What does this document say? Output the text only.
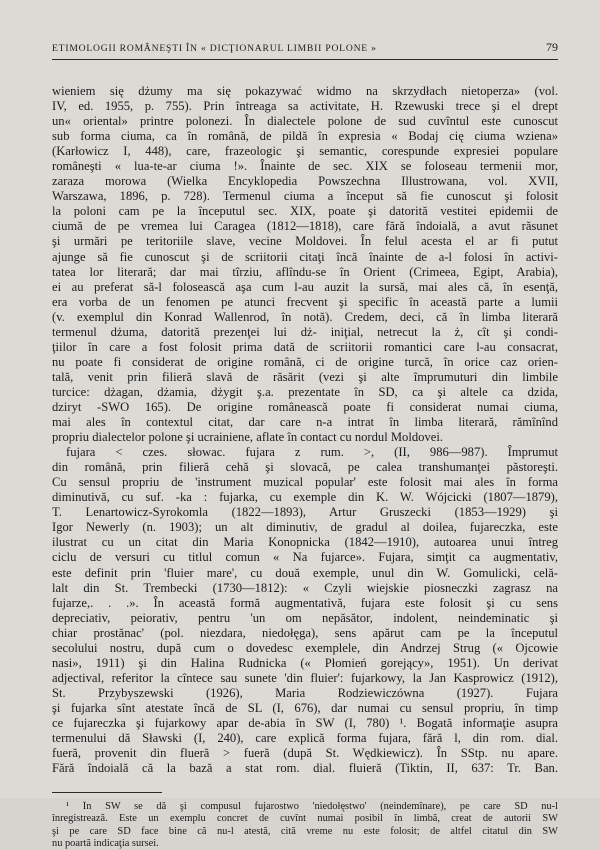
ETIMOLOGII ROMÂNEŞTI ÎN « DICŢIONARUL LIMBII POLONE »	79
wieniem się dżumy ma się pokazywać widmo na skrzydłach nietoperza» (vol.
IV, ed. 1955, p. 755). Prin întreaga sa activitate, H. Rzewuski trece şi el drept
un« oriental» printre polonezi. În dialectele polone de sud cuvîntul este cunoscut
sub forma ciuma, ca în română, de pildă în expresia « Bodaj cię ciuma wziena»
(Karłowicz I, 448), care, frazeologic şi semantic, corespunde expresiei populare
româneşti « lua-te-ar ciuma !». Înainte de sec. XIX se foloseau termenii mor,
zaraza morowa (Wielka Encyklopedia Powszechna Illustrowana, vol. XVII,
Warszawa, 1896, p. 728). Termenul ciuma a început să fie cunoscut şi folosit
la poloni cam pe la începutul sec. XIX, poate şi datorită vestitei epidemii de
ciumă de pe vremea lui Caragea (1812—1818), care fără îndoială, a avut răsunet
şi urmări pe teritoriile slave, vecine Moldovei. În felul acesta el ar fi putut
ajunge să fie cunoscut şi de scriitorii citaţi încă înainte de a-l folosi în activi-
tatea lor literară; dar mai tîrziu, aflîndu-se în Orient (Crimeea, Egipt, Arabia),
ei au preferat să-l folosească aşa cum l-au auzit la sursă, mai ales că, în esenţă,
era vorba de un fenomen pe atunci frecvent şi specific în această parte a lumii
(v. exemplul din Konrad Wallenrod, în notă). Credem, deci, că în limba literară
termenul dżuma, datorită prezenţei lui dż- iniţial, netrecut la ż, cît şi condi-
ţiilor în care a fost folosit prima dată de scriitorii romantici care l-au consacrat,
nu poate fi considerat de origine română, ci de origine turcă, în orice caz orien-
tală, venit prin filieră slavă de răsărit (vezi şi alte împrumuturi din limbile
turcice: dżagan, dżamia, dżygit ş.a. prezentate în SD, ca şi altele ca dzida,
dziryt -SWO 165). De origine românească poate fi considerat numai ciuma,
mai ales în contextul citat, dar care n-a intrat în limba literară, rămînînd
propriu dialectelor polone şi ucrainiene, aflate în contact cu nordul Moldovei.
fujara < czes. słowac. fujara z rum. >, (II, 986—987). Împrumut
din română, prin filieră cehă şi slovacă, pe calea transhumanţei păstoreşti.
Cu sensul propriu de 'instrument muzical popular' este folosit mai ales în forma
diminutivă, cu suf. -ka : fujarka, cu exemple din K. W. Wójcicki (1807—1879),
T. Lenartowicz-Syrokomla (1822—1893), Artur Gruszecki (1853—1929) şi
Igor Newerly (n. 1903); un alt diminutiv, de gradul al doilea, fujareczka, este
ilustrat cu un citat din Maria Konopnicka (1842—1910), autoarea unui întreg
ciclu de versuri cu titlul comun « Na fujarce». Fujara, simţit ca augmentativ,
este definit prin 'fluier mare', cu două exemple, unul din W. Gomulicki, celă-
lalt din St. Trembecki (1730—1812): « Czyli wiejskie piosneczki zagrasz na
fujarze,. . .». În această formă augmentativă, fujara este folosit şi cu sens
depreciativ, peiorativ, pentru 'un om nepăsător, indolent, neindeminatic şi
chiar prostănac' (pol. niezdara, niedołęga), sens apărut cam pe la începutul
secolului nostru, după cum o dovedesc exemplele, din Andrzej Strug (« Ojcowie
nasi», 1911) şi din Halina Rudnicka (« Płomień gorejący», 1951). Un derivat
adjectival, referitor la cîntece sau sunete 'din fluier': fujarkowy, la Jan Kasprowicz (1912),
St. Przybyszewski (1926), Maria Rodziewiczówna (1927). Fujara
şi fujarka sînt atestate încă de SL (I, 676), dar numai cu sensul propriu, în timp
ce fujareczka şi fujarkowy apar de-abia în SW (I, 780) ¹. Bogată informaţie asupra
termenului dă Sławski (I, 240), care explică forma fujara, fără l, din rom. dial.
fueră, provenit din flueră > fueră (după St. Wędkiewicz). În SStp. nu apare.
Fără îndoială că la bază a stat rom. dial. fluieră (Tiktin, II, 637: Tr. Ban.
¹ În SW se dă şi compusul fujarostwo 'niedołęstwo' (neindemînare), pe care SD nu-l
înregistrează. Este un exemplu concret de cuvînt numai posibil în limbă, creat de autorii SW
şi pe care SD face bine că nu-l atestă, cită vreme nu este folosit; de altfel citatul din SW
nu poartă indicaţia sursei.
